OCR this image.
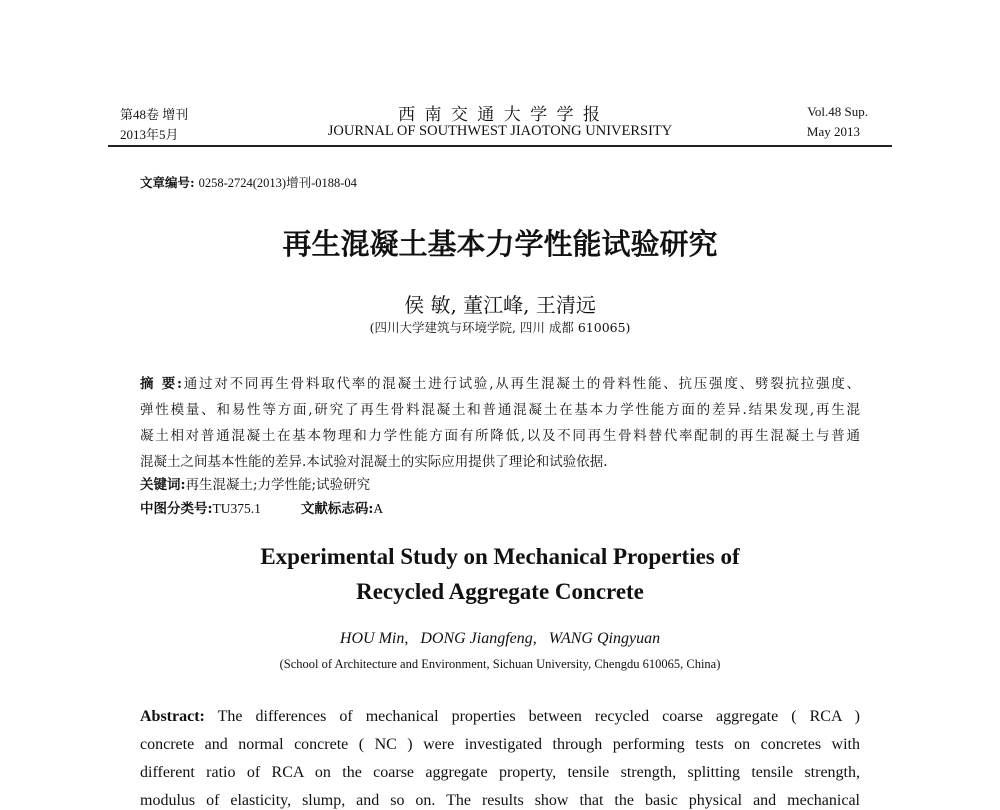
第48卷 增刊
2013年5月
西 南 交 通 大 学 学 报
JOURNAL OF SOUTHWEST JIAOTONG UNIVERSITY
Vol.48 Sup.
May 2013
文章编号: 0258-2724(2013)增刊-0188-04
再生混凝土基本力学性能试验研究
侯 敏, 董江峰, 王清远
(四川大学建筑与环境学院, 四川 成都 610065)
摘 要:通过对不同再生骨料取代率的混凝土进行试验,从再生混凝土的骨料性能、抗压强度、劈裂抗拉强度、
弹性模量、和易性等方面,研究了再生骨料混凝土和普通混凝土在基本力学性能方面的差异.结果发现,再生混
凝土相对普通混凝土在基本物理和力学性能方面有所降低,以及不同再生骨料替代率配制的再生混凝土与普通
混凝土之间基本性能的差异.本试验对混凝土的实际应用提供了理论和试验依据.
关键词:再生混凝土;力学性能;试验研究
中图分类号:TU375.1	文献标志码:A
Experimental Study on Mechanical Properties of
Recycled Aggregate Concrete
HOU Min,   DONG Jiangfeng,   WANG Qingyuan
(School of Architecture and Environment, Sichuan University, Chengdu 610065, China)
Abstract: The differences of mechanical properties between recycled coarse aggregate ( RCA )
concrete and normal concrete ( NC ) were investigated through performing tests on concretes with
different ratio of RCA on the coarse aggregate property, tensile strength, splitting tensile strength,
modulus of elasticity, slump, and so on. The results show that the basic physical and mechanical
